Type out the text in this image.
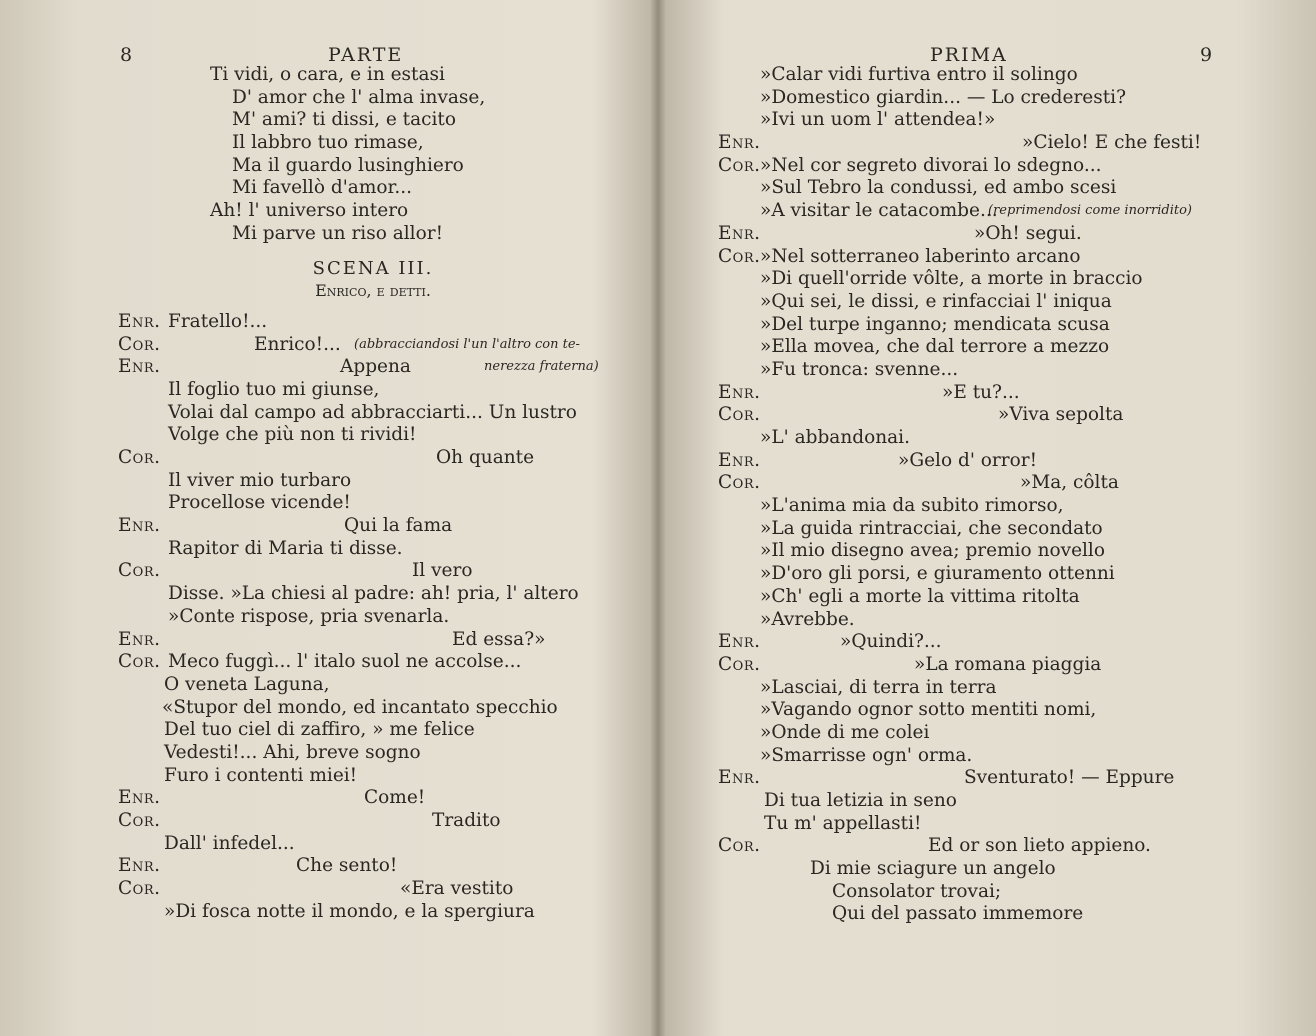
8	PARTE
Ti vidi, o cara, e in estasi
D' amor che l' alma invase,
M' ami? ti dissi, e tacito
Il labbro tuo rimase,
Ma il guardo lusinghiero
Mi favellò d'amor...
Ah! l' universo intero
Mi parve un riso allor!
SCENA III.
Enrico, e detti.
Enr. Fratello!...
Cor.	Enrico!... (abbracciandosi l'un l'altro con te-
Enr.	Appena	nerezza fraterna)
Il foglio tuo mi giunse,
Volai dal campo ad abbracciarti... Un lustro
Volge che più non ti rividi!
Cor.	Oh quante
Il viver mio turbaro
Procellose vicende!
Enr.	Qui la fama
Rapitor di Maria ti disse.
Cor.	Il vero
Disse. »La chiesi al padre: ah! pria, l' altero
»Conte rispose, pria svenarla.
Enr.	Ed essa?»
Cor. Meco fuggì... l' italo suol ne accolse...
O veneta Laguna,
«Stupor del mondo, ed incantato specchio
Del tuo ciel di zaffiro, » me felice
Vedesti!... Ahi, breve sogno
Furo i contenti miei!
Enr.	Come!
Cor.	Tradito
Dall' infedel...
Enr.	Che sento!
Cor.	«Era vestito
»Di fosca notte il mondo, e la spergiura
PRIMA	9
»Calar vidi furtiva entro il solingo
»Domestico giardin... — Lo crederesti?
»Ivi un uom l' attendea!»
Enr.	»Cielo! E che festi!
Cor. »Nel cor segreto divorai lo sdegno...
»Sul Tebro la condussi, ed ambo scesi
»A visitar le catacombe...
(reprimendosi come inorridito)
Enr.	»Oh! segui.
Cor. »Nel sotterraneo laberinto arcano
»Di quell'orride vôlte, a morte in braccio
»Qui sei, le dissi, e rinfacciai l' iniqua
»Del turpe inganno; mendicata scusa
»Ella movea, che dal terrore a mezzo
»Fu tronca: svenne...
Enr.	»E tu?...
Cor.	»Viva sepolta
»L' abbandonai.
Enr.	»Gelo d' orror!
Cor.	»Ma, côlta
»L'anima mia da subito rimorso,
»La guida rintracciai, che secondato
»Il mio disegno avea; premio novello
»D'oro gli porsi, e giuramento ottenni
»Ch' egli a morte la vittima ritolta
»Avrebbe.
Enr.	»Quindi?...
Cor.	»La romana piaggia
»Lasciai, di terra in terra
»Vagando ognor sotto mentiti nomi,
»Onde di me colei
»Smarrisse ogn' orma.
Enr.	Sventurato! — Eppure
Di tua letizia in seno
Tu m' appellasti!
Cor.	Ed or son lieto appieno.
Di mie sciagure un angelo
Consolator trovai;
Qui del passato immemore
